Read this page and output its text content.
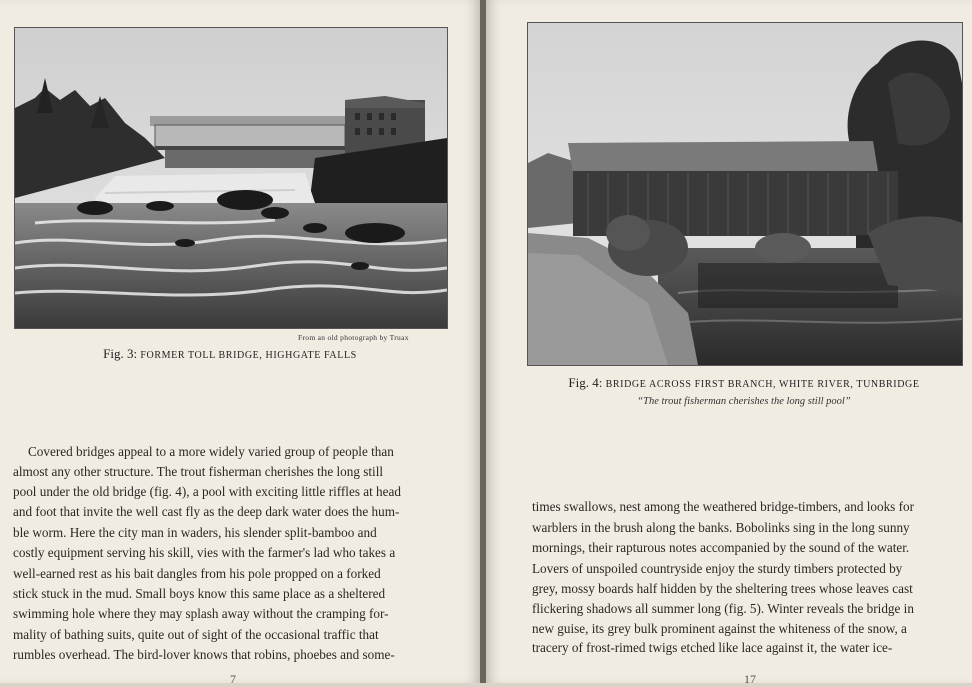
From an old photograph by Truax
Fig. 3: FORMER TOLL BRIDGE, HIGHGATE FALLS
Covered bridges appeal to a more widely varied group of people than
almost any other structure. The trout fisherman cherishes the long still
pool under the old bridge (fig. 4), a pool with exciting little riffles at head
and foot that invite the well cast fly as the deep dark water does the hum-
ble worm. Here the city man in waders, his slender split-bamboo and
costly equipment serving his skill, vies with the farmer's lad who takes a
well-earned rest as his bait dangles from his pole propped on a forked
stick stuck in the mud. Small boys know this same place as a sheltered
swimming hole where they may splash away without the cramping for-
mality of bathing suits, quite out of sight of the occasional traffic that
rumbles overhead. The bird-lover knows that robins, phoebes and some-
7
Fig. 4: BRIDGE ACROSS FIRST BRANCH, WHITE RIVER, TUNBRIDGE
“The trout fisherman cherishes the long still pool”
times swallows, nest among the weathered bridge-timbers, and looks for
warblers in the brush along the banks. Bobolinks sing in the long sunny
mornings, their rapturous notes accompanied by the sound of the water.
Lovers of unspoiled countryside enjoy the sturdy timbers protected by
grey, mossy boards half hidden by the sheltering trees whose leaves cast
flickering shadows all summer long (fig. 5). Winter reveals the bridge in
new guise, its grey bulk prominent against the whiteness of the snow, a
tracery of frost-rimed twigs etched like lace against it, the water ice-
17
